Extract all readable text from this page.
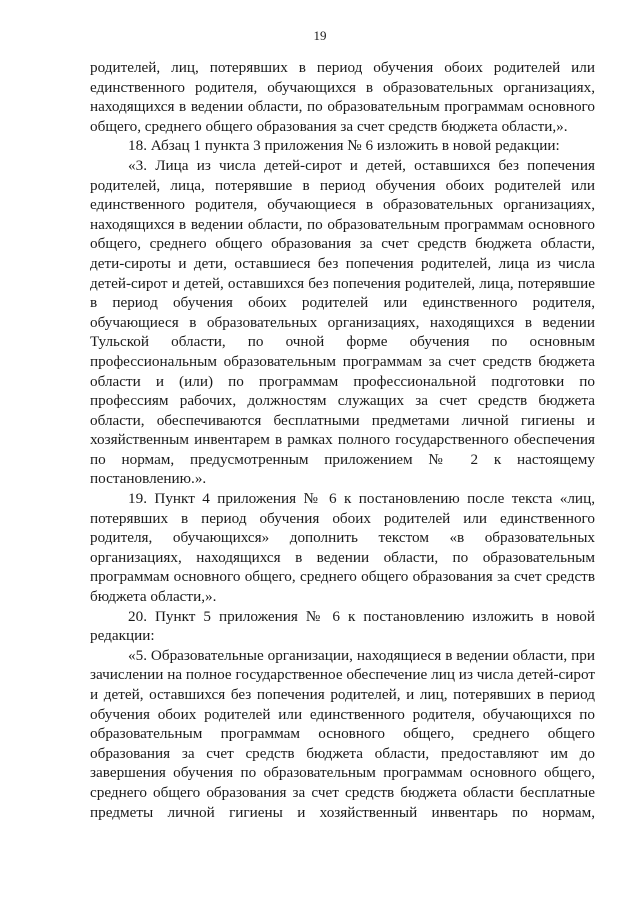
19
родителей, лиц, потерявших в период обучения обоих родителей или
единственного родителя, обучающихся в образовательных организациях,
находящихся в ведении области, по образовательным программам основного
общего, среднего общего образования за счет средств бюджета области,».
18. Абзац 1 пункта 3 приложения № 6 изложить в новой редакции:
«3. Лица из числа детей-сирот и детей, оставшихся без попечения
родителей, лица, потерявшие в период обучения обоих родителей или
единственного родителя, обучающиеся в образовательных организациях,
находящихся в ведении области, по образовательным программам основного
общего, среднего общего образования за счет средств бюджета области,
дети-сироты и дети, оставшиеся без попечения родителей, лица из числа
детей-сирот и детей, оставшихся без попечения родителей, лица, потерявшие
в период обучения обоих родителей или единственного родителя,
обучающиеся в образовательных организациях, находящихся в ведении
Тульской области, по очной форме обучения по основным
профессиональным образовательным программам за счет средств бюджета
области и (или) по программам профессиональной подготовки по
профессиям рабочих, должностям служащих за счет средств бюджета
области, обеспечиваются бесплатными предметами личной гигиены и
хозяйственным инвентарем в рамках полного государственного обеспечения
по нормам, предусмотренным приложением № 2 к настоящему
постановлению.».
19. Пункт 4 приложения № 6 к постановлению после текста «лиц,
потерявших в период обучения обоих родителей или единственного
родителя, обучающихся» дополнить текстом «в образовательных
организациях, находящихся в ведении области, по образовательным
программам основного общего, среднего общего образования за счет средств
бюджета области,».
20. Пункт 5 приложения № 6 к постановлению изложить в новой
редакции:
«5. Образовательные организации, находящиеся в ведении области, при
зачислении на полное государственное обеспечение лиц из числа детей-сирот
и детей, оставшихся без попечения родителей, и лиц, потерявших в период
обучения обоих родителей или единственного родителя, обучающихся по
образовательным программам основного общего, среднего общего
образования за счет средств бюджета области, предоставляют им до
завершения обучения по образовательным программам основного общего,
среднего общего образования за счет средств бюджета области бесплатные
предметы личной гигиены и хозяйственный инвентарь по нормам,
